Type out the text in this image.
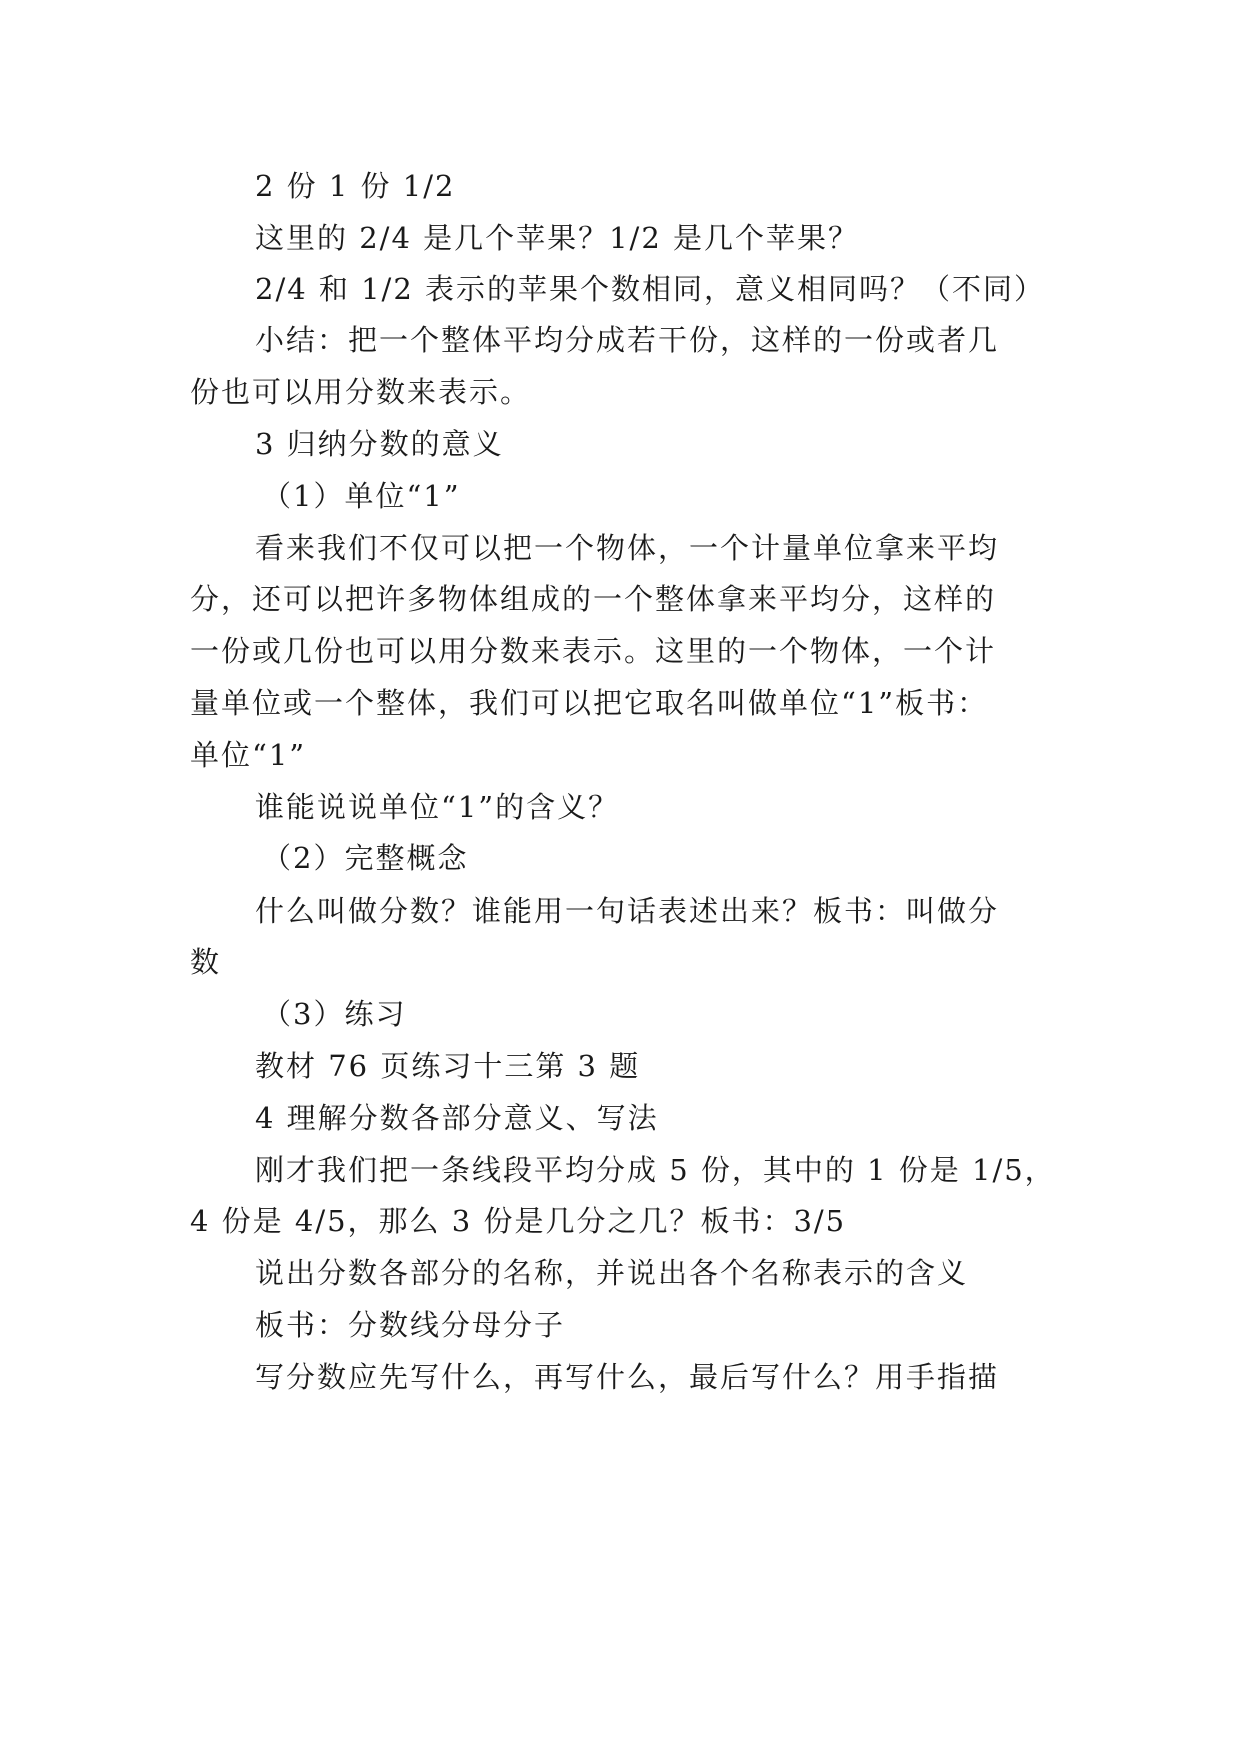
2 份 1 份 1/2
这里的 2/4 是几个苹果？1/2 是几个苹果？
2/4 和 1/2 表示的苹果个数相同，意义相同吗？（不同）
小结：把一个整体平均分成若干份，这样的一份或者几
份也可以用分数来表示。
3 归纳分数的意义
（1）单位“1”
看来我们不仅可以把一个物体，一个计量单位拿来平均
分，还可以把许多物体组成的一个整体拿来平均分，这样的
一份或几份也可以用分数来表示。这里的一个物体，一个计
量单位或一个整体，我们可以把它取名叫做单位“1”板书：
单位“1”
谁能说说单位“1”的含义？
（2）完整概念
什么叫做分数？谁能用一句话表述出来？板书：叫做分
数
（3）练习
教材 76 页练习十三第 3 题
4 理解分数各部分意义、写法
刚才我们把一条线段平均分成 5 份，其中的 1 份是 1/5，
4 份是 4/5，那么 3 份是几分之几？板书：3/5
说出分数各部分的名称，并说出各个名称表示的含义
板书：分数线分母分子
写分数应先写什么，再写什么，最后写什么？用手指描
